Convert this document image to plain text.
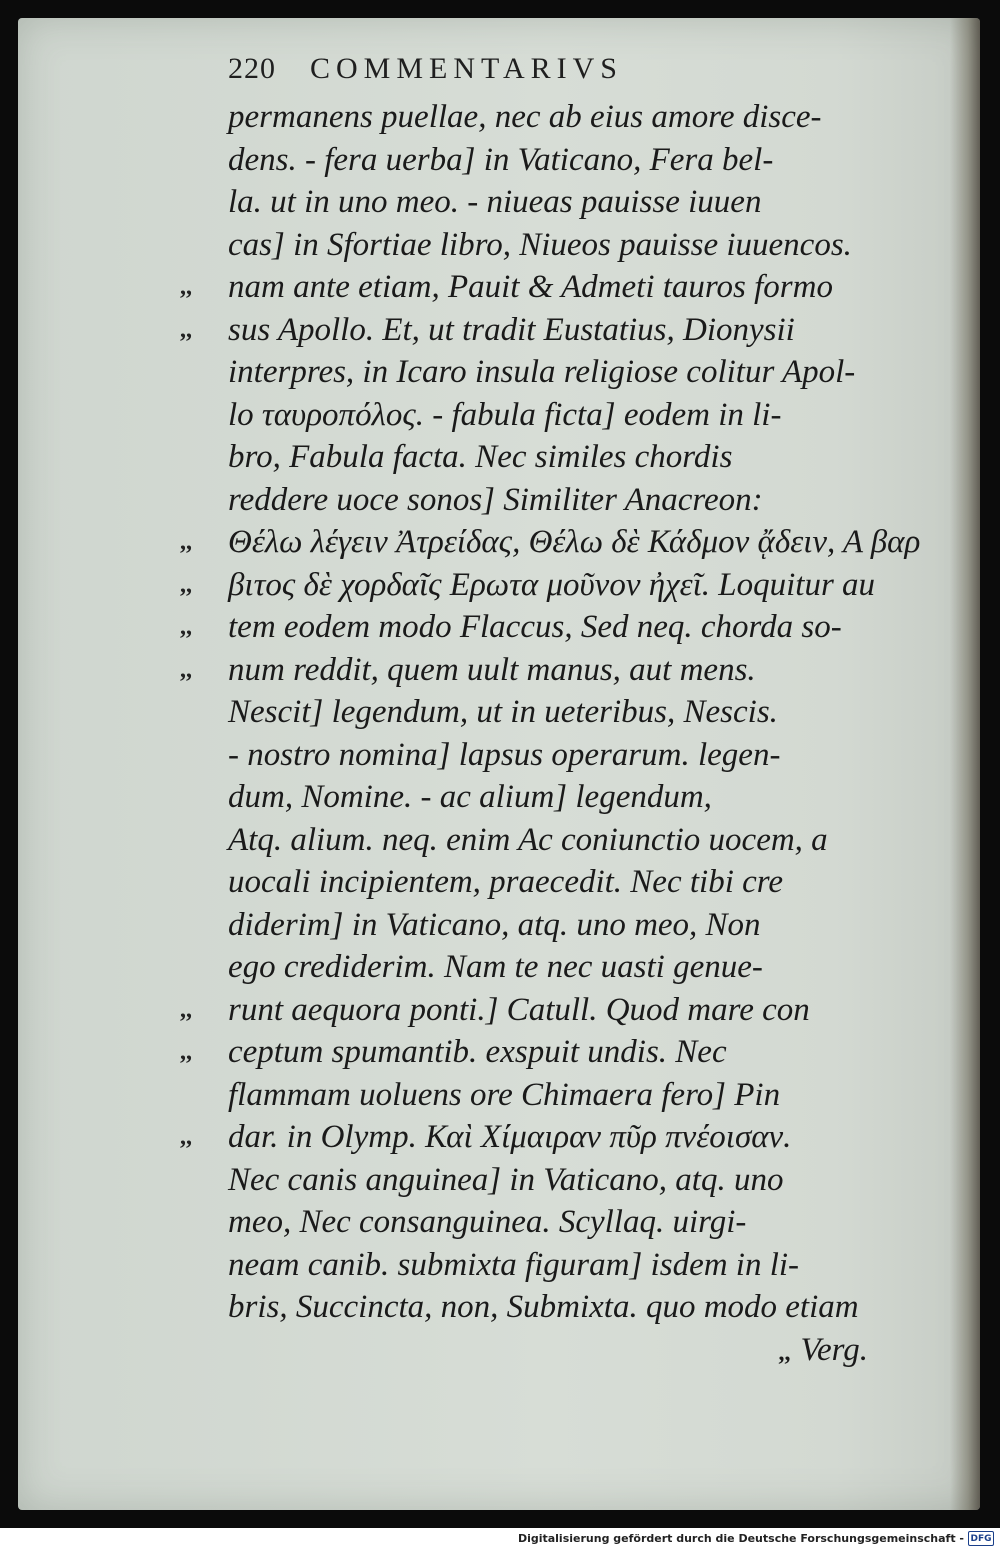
220 COMMENTARIVS
permanens puellae, nec ab eius amore disce-
dens. - fera uerba] in Vaticano, Fera bel-
la. ut in uno meo. - niueas pauisse iuuen
cas] in Sfortiae libro, Niueos pauisse iuuencos.
,, nam ante etiam, Pauit & Admeti tauros formo
,, sus Apollo. Et, ut tradit Eustatius, Dionysii
interpres, in Icaro insula religiose colitur Apol-
lo ταυροπόλος. - fabula ficta] eodem in li-
bro, Fabula facta. Nec similes chordis
reddere uoce sonos] Similiter Anacreon:
,, Θέλω λέγειν Ἀτρείδας, Θέλω δὲ Κάδμον ᾄδειν, Α βαρ
,, βιτος δὲ χορδαῖς Ερωτα μοῦνον ἠχεῖ. Loquitur au
,, tem eodem modo Flaccus, Sed neq. chorda so-
,, num reddit, quem uult manus, aut mens.
Nescit] legendum, ut in ueteribus, Nescis.
- nostro nomina] lapsus operarum. legen-
dum, Nomine. - ac alium] legendum,
Atq. alium. neq. enim Ac coniunctio uocem, a
uocali incipientem, praecedit. Nec tibi cre
diderim] in Vaticano, atq. uno meo, Non
ego crediderim. Nam te nec uasti genue-
,, runt aequora ponti.] Catull. Quod mare con
,, ceptum spumantib. exspuit undis. Nec
flammam uoluens ore Chimaera fero] Pin
,, dar. in Olymp. Καὶ Χίμαιραν πῦρ πνέοισαν.
Nec canis anguinea] in Vaticano, atq. uno
meo, Nec consanguinea. Scyllaq. uirgi-
neam canib. submixta figuram] isdem in li-
bris, Succincta, non, Submixta. quo modo etiam
,, Verg.
Digitalisierung gefördert durch die Deutsche Forschungsgemeinschaft - DFG
